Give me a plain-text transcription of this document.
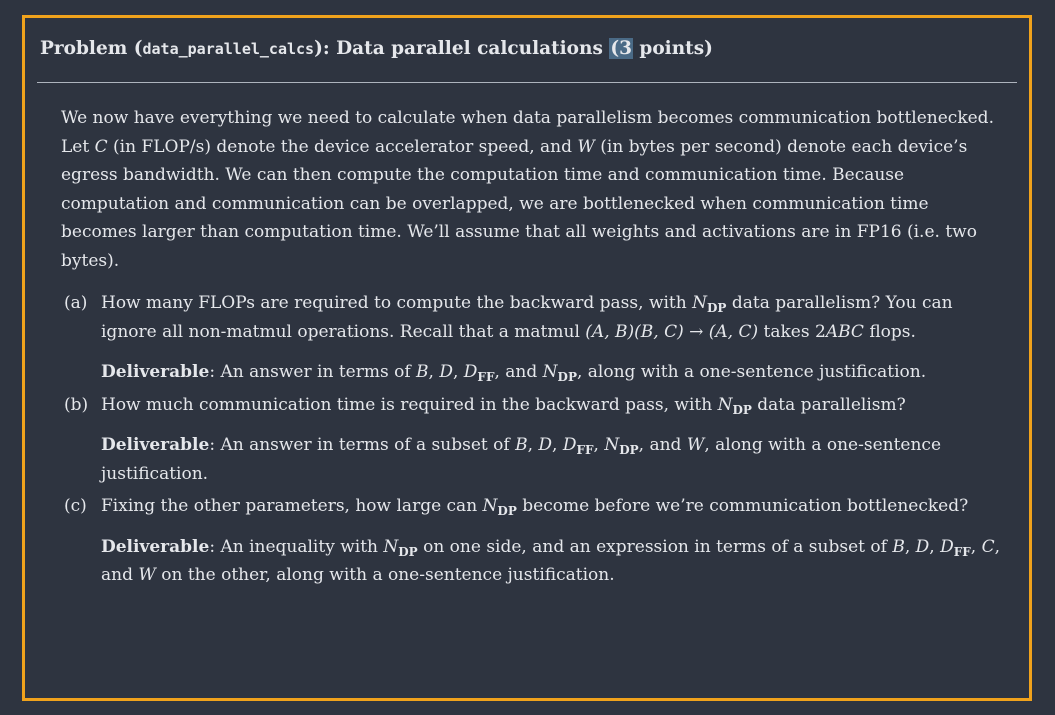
Problem (data_parallel_calcs): Data parallel calculations (3 points)

We now have everything we need to calculate when data parallelism becomes communication bottlenecked. Let C (in FLOP/s) denote the device accelerator speed, and W (in bytes per second) denote each device’s egress bandwidth. We can then compute the computation time and communication time. Because computation and communication can be overlapped, we are bottlenecked when communication time becomes larger than computation time. We’ll assume that all weights and activations are in FP16 (i.e. two bytes).

(a) How many FLOPs are required to compute the backward pass, with $N_{DP}$ data parallelism? You can ignore all non-matmul operations. Recall that a matmul (A, B)(B, C) → (A, C) takes 2ABC flops.

Deliverable: An answer in terms of B, D, $D_{FF}$, and $N_{DP}$, along with a one-sentence justification.

(b) How much communication time is required in the backward pass, with $N_{DP}$ data parallelism?

Deliverable: An answer in terms of a subset of B, D, $D_{FF}$, $N_{DP}$, and W, along with a one-sentence justification.

(c) Fixing the other parameters, how large can $N_{DP}$ become before we’re communication bottlenecked?

Deliverable: An inequality with $N_{DP}$ on one side, and an expression in terms of a subset of B, D, $D_{FF}$, C, and W on the other, along with a one-sentence justification.
